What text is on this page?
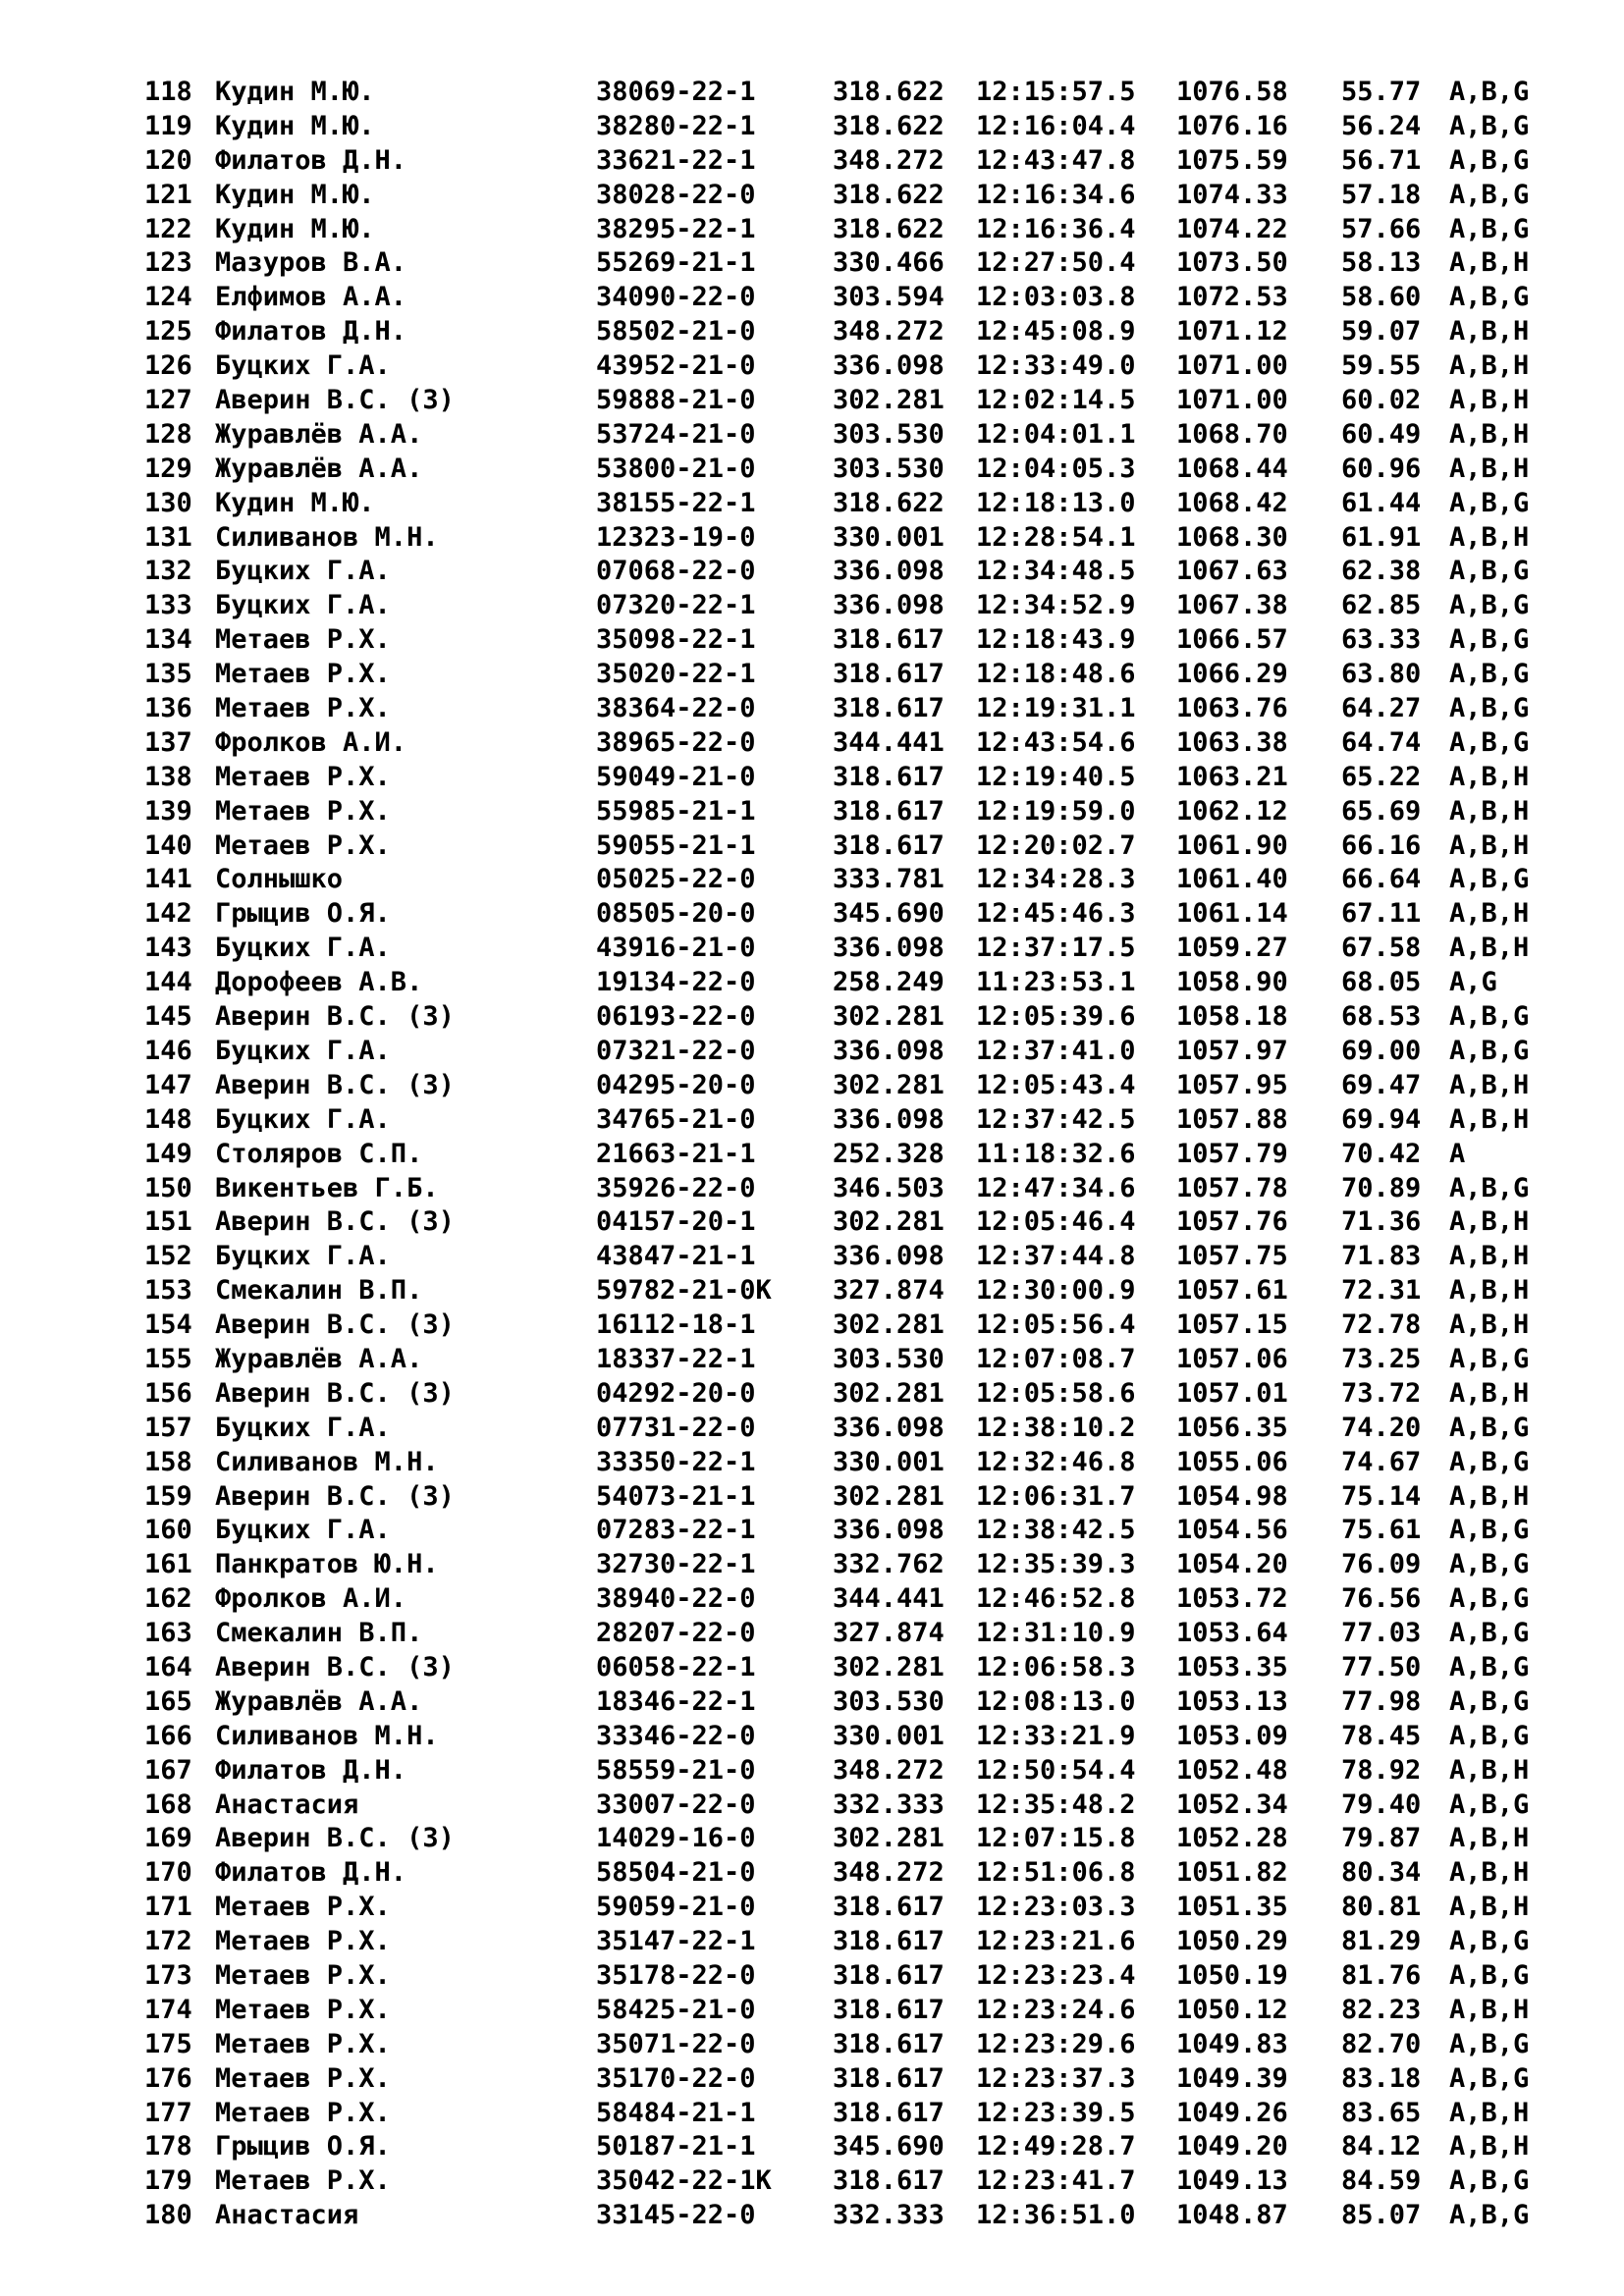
118 Кудин М.Ю.	38069-22-1	318.622 12:15:57.5 1076.58 55.77 A,B,G
119 Кудин М.Ю.	38280-22-1	318.622 12:16:04.4 1076.16 56.24 A,B,G
120 Филатов Д.Н.	33621-22-1	348.272 12:43:47.8 1075.59 56.71 A,B,G
121 Кудин М.Ю.	38028-22-0	318.622 12:16:34.6 1074.33 57.18 A,B,G
122 Кудин М.Ю.	38295-22-1	318.622 12:16:36.4 1074.22 57.66 A,B,G
123 Мазуров В.А.	55269-21-1	330.466 12:27:50.4 1073.50 58.13 A,B,H
124 Елфимов А.А.	34090-22-0	303.594 12:03:03.8 1072.53 58.60 A,B,G
125 Филатов Д.Н.	58502-21-0	348.272 12:45:08.9 1071.12 59.07 A,B,H
126 Буцких Г.А.	43952-21-0	336.098 12:33:49.0 1071.00 59.55 A,B,H
127 Аверин В.С. (З)	59888-21-0	302.281 12:02:14.5 1071.00 60.02 A,B,H
128 Журавлёв А.А.	53724-21-0	303.530 12:04:01.1 1068.70 60.49 A,B,H
129 Журавлёв А.А.	53800-21-0	303.530 12:04:05.3 1068.44 60.96 A,B,H
130 Кудин М.Ю.	38155-22-1	318.622 12:18:13.0 1068.42 61.44 A,B,G
131 Силиванов М.Н.	12323-19-0	330.001 12:28:54.1 1068.30 61.91 A,B,H
132 Буцких Г.А.	07068-22-0	336.098 12:34:48.5 1067.63 62.38 A,B,G
133 Буцких Г.А.	07320-22-1	336.098 12:34:52.9 1067.38 62.85 A,B,G
134 Метаев Р.Х.	35098-22-1	318.617 12:18:43.9 1066.57 63.33 A,B,G
135 Метаев Р.Х.	35020-22-1	318.617 12:18:48.6 1066.29 63.80 A,B,G
136 Метаев Р.Х.	38364-22-0	318.617 12:19:31.1 1063.76 64.27 A,B,G
137 Фролков А.И.	38965-22-0	344.441 12:43:54.6 1063.38 64.74 A,B,G
138 Метаев Р.Х.	59049-21-0	318.617 12:19:40.5 1063.21 65.22 A,B,H
139 Метаев Р.Х.	55985-21-1	318.617 12:19:59.0 1062.12 65.69 A,B,H
140 Метаев Р.Х.	59055-21-1	318.617 12:20:02.7 1061.90 66.16 A,B,H
141 Солнышко	05025-22-0	333.781 12:34:28.3 1061.40 66.64 A,B,G
142 Грыцив О.Я.	08505-20-0	345.690 12:45:46.3 1061.14 67.11 A,B,H
143 Буцких Г.А.	43916-21-0	336.098 12:37:17.5 1059.27 67.58 A,B,H
144 Дорофеев А.В.	19134-22-0	258.249 11:23:53.1 1058.90 68.05 A,G
145 Аверин В.С. (З)	06193-22-0	302.281 12:05:39.6 1058.18 68.53 A,B,G
146 Буцких Г.А.	07321-22-0	336.098 12:37:41.0 1057.97 69.00 A,B,G
147 Аверин В.С. (З)	04295-20-0	302.281 12:05:43.4 1057.95 69.47 A,B,H
148 Буцких Г.А.	34765-21-0	336.098 12:37:42.5 1057.88 69.94 A,B,H
149 Столяров С.П.	21663-21-1	252.328 11:18:32.6 1057.79 70.42 A
150 Викентьев Г.Б.	35926-22-0	346.503 12:47:34.6 1057.78 70.89 A,B,G
151 Аверин В.С. (З)	04157-20-1	302.281 12:05:46.4 1057.76 71.36 A,B,H
152 Буцких Г.А.	43847-21-1	336.098 12:37:44.8 1057.75 71.83 A,B,H
153 Смекалин В.П.	59782-21-0K 327.874 12:30:00.9 1057.61 72.31 A,B,H
154 Аверин В.С. (З)	16112-18-1	302.281 12:05:56.4 1057.15 72.78 A,B,H
155 Журавлёв А.А.	18337-22-1	303.530 12:07:08.7 1057.06 73.25 A,B,G
156 Аверин В.С. (З)	04292-20-0	302.281 12:05:58.6 1057.01 73.72 A,B,H
157 Буцких Г.А.	07731-22-0	336.098 12:38:10.2 1056.35 74.20 A,B,G
158 Силиванов М.Н.	33350-22-1	330.001 12:32:46.8 1055.06 74.67 A,B,G
159 Аверин В.С. (З)	54073-21-1	302.281 12:06:31.7 1054.98 75.14 A,B,H
160 Буцких Г.А.	07283-22-1	336.098 12:38:42.5 1054.56 75.61 A,B,G
161 Панкратов Ю.Н.	32730-22-1	332.762 12:35:39.3 1054.20 76.09 A,B,G
162 Фролков А.И.	38940-22-0	344.441 12:46:52.8 1053.72 76.56 A,B,G
163 Смекалин В.П.	28207-22-0	327.874 12:31:10.9 1053.64 77.03 A,B,G
164 Аверин В.С. (З)	06058-22-1	302.281 12:06:58.3 1053.35 77.50 A,B,G
165 Журавлёв А.А.	18346-22-1	303.530 12:08:13.0 1053.13 77.98 A,B,G
166 Силиванов М.Н.	33346-22-0	330.001 12:33:21.9 1053.09 78.45 A,B,G
167 Филатов Д.Н.	58559-21-0	348.272 12:50:54.4 1052.48 78.92 A,B,H
168 Анастасия	33007-22-0	332.333 12:35:48.2 1052.34 79.40 A,B,G
169 Аверин В.С. (З)	14029-16-0	302.281 12:07:15.8 1052.28 79.87 A,B,H
170 Филатов Д.Н.	58504-21-0	348.272 12:51:06.8 1051.82 80.34 A,B,H
171 Метаев Р.Х.	59059-21-0	318.617 12:23:03.3 1051.35 80.81 A,B,H
172 Метаев Р.Х.	35147-22-1	318.617 12:23:21.6 1050.29 81.29 A,B,G
173 Метаев Р.Х.	35178-22-0	318.617 12:23:23.4 1050.19 81.76 A,B,G
174 Метаев Р.Х.	58425-21-0	318.617 12:23:24.6 1050.12 82.23 A,B,H
175 Метаев Р.Х.	35071-22-0	318.617 12:23:29.6 1049.83 82.70 A,B,G
176 Метаев Р.Х.	35170-22-0	318.617 12:23:37.3 1049.39 83.18 A,B,G
177 Метаев Р.Х.	58484-21-1	318.617 12:23:39.5 1049.26 83.65 A,B,H
178 Грыцив О.Я.	50187-21-1	345.690 12:49:28.7 1049.20 84.12 A,B,H
179 Метаев Р.Х.	35042-22-1K 318.617 12:23:41.7 1049.13 84.59 A,B,G
180 Анастасия	33145-22-0	332.333 12:36:51.0 1048.87 85.07 A,B,G
